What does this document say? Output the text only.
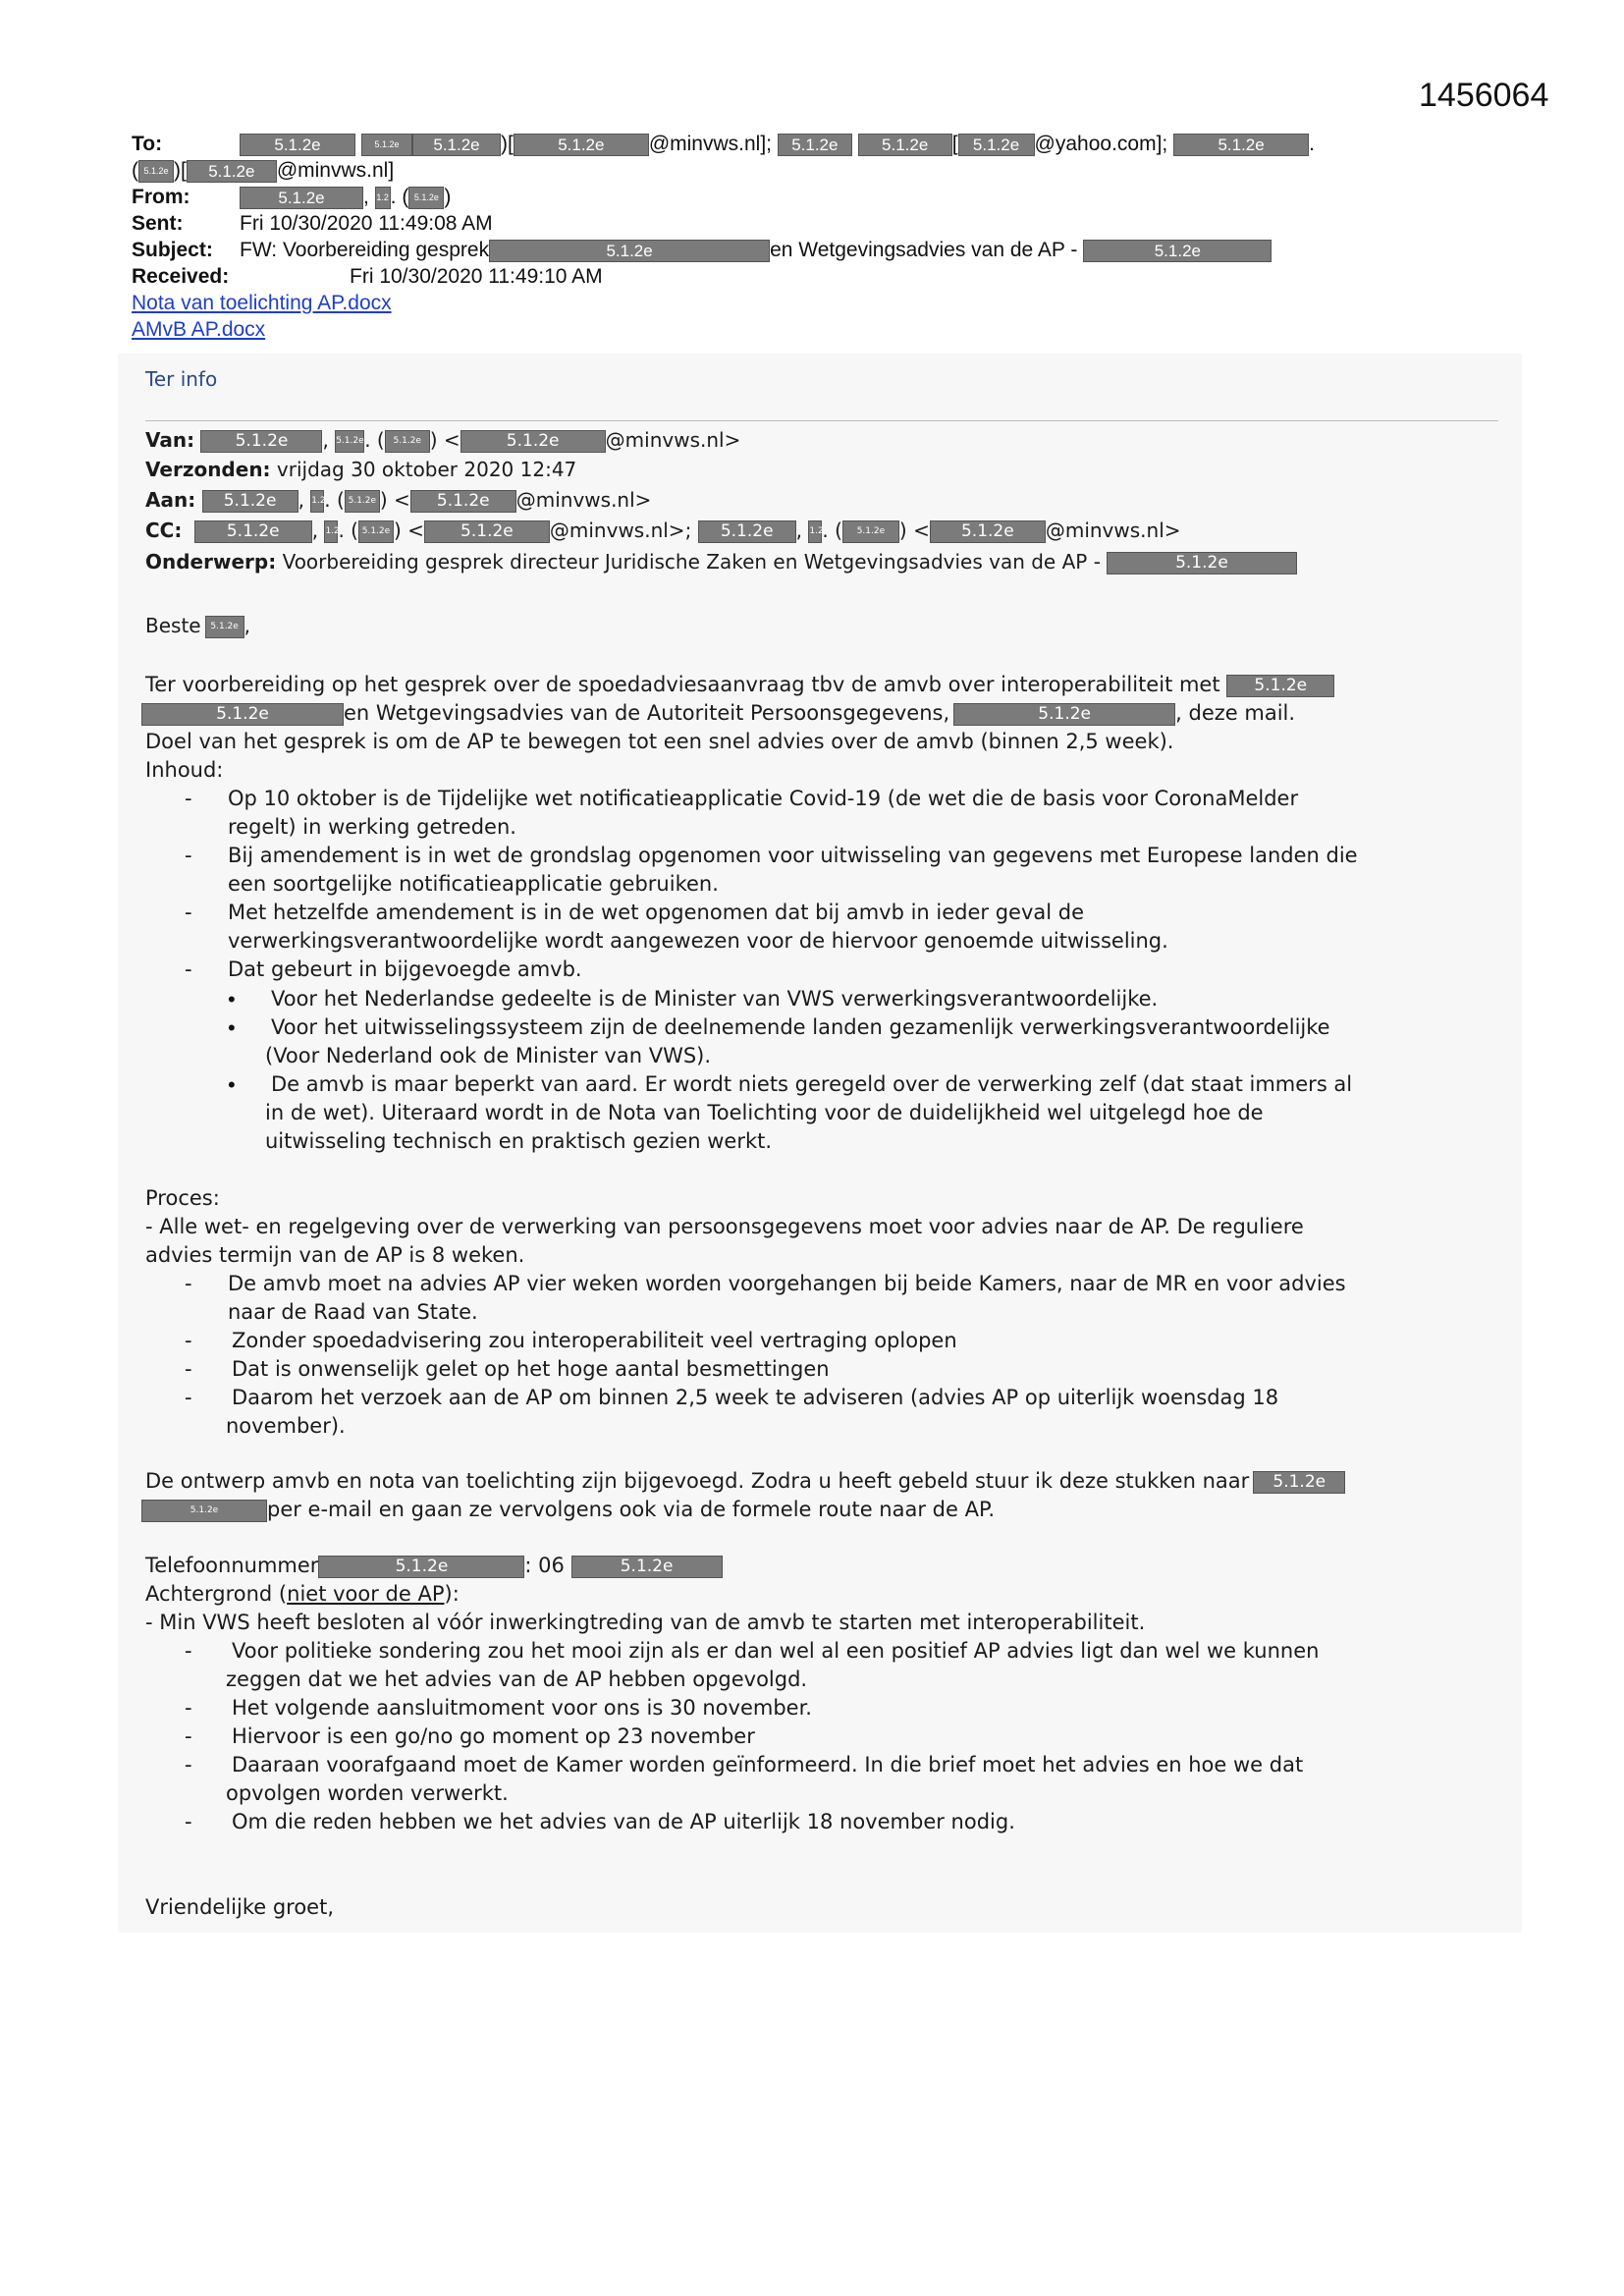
1456064
To:	5.1.2e	5.1.2e 5.1.2e )[	5.1.2e @minvws.nl]; 5.1.2e	5.1.2e [ 5.1.2e @yahoo.com];	5.1.2e .
( 5.1.2e )[ 5.1.2e @minvws.nl]
From:	5.1.2e , 1.2. ( 5.1.2e )
Sent:	Fri 10/30/2020 11:49:08 AM
Subject: FW: Voorbereiding gesprek	5.1.2e	en Wetgevingsadvies van de AP -	5.1.2e
Received:	Fri 10/30/2020 11:49:10 AM
Nota van toelichting AP.docx
AMvB AP.docx
Ter info
Van: 5.1.2e , 5.1.2e. ( 5.1.2e ) <	5.1.2e @minvws.nl>
Verzonden: vrijdag 30 oktober 2020 12:47
Aan: 5.1.2e , 1.2. ( 5.1.2e ) < 5.1.2e @minvws.nl>
CC:	5.1.2e , 1.2. ( 5.1.2e ) < 5.1.2e @minvws.nl>; 5.1.2e , 1.2. ( 5.1.2e ) < 5.1.2e @minvws.nl>
Onderwerp: Voorbereiding gesprek directeur Juridische Zaken en Wetgevingsadvies van de AP -	5.1.2e
Beste 5.1.2e ,
Ter voorbereiding op het gesprek over de spoedadviesaanvraag tbv de amvb over interoperabiliteit met 5.1.2e
5.1.2e	en Wetgevingsadvies van de Autoriteit Persoonsgegevens,	5.1.2e	, deze mail.
Doel van het gesprek is om de AP te bewegen tot een snel advies over de amvb (binnen 2,5 week).
Inhoud:
- Op 10 oktober is de Tijdelijke wet notificatieapplicatie Covid-19 (de wet die de basis voor CoronaMelder
regelt) in werking getreden.
- Bij amendement is in wet de grondslag opgenomen voor uitwisseling van gegevens met Europese landen die
een soortgelijke notificatieapplicatie gebruiken.
- Met hetzelfde amendement is in de wet opgenomen dat bij amvb in ieder geval de
verwerkingsverantwoordelijke wordt aangewezen voor de hiervoor genoemde uitwisseling.
- Dat gebeurt in bijgevoegde amvb.
• Voor het Nederlandse gedeelte is de Minister van VWS verwerkingsverantwoordelijke.
• Voor het uitwisselingssysteem zijn de deelnemende landen gezamenlijk verwerkingsverantwoordelijke
(Voor Nederland ook de Minister van VWS).
• De amvb is maar beperkt van aard. Er wordt niets geregeld over de verwerking zelf (dat staat immers al
in de wet). Uiteraard wordt in de Nota van Toelichting voor de duidelijkheid wel uitgelegd hoe de
uitwisseling technisch en praktisch gezien werkt.
Proces:
- Alle wet- en regelgeving over de verwerking van persoonsgegevens moet voor advies naar de AP. De reguliere
advies termijn van de AP is 8 weken.
- De amvb moet na advies AP vier weken worden voorgehangen bij beide Kamers, naar de MR en voor advies
naar de Raad van State.
- Zonder spoedadvisering zou interoperabiliteit veel vertraging oplopen
- Dat is onwenselijk gelet op het hoge aantal besmettingen
- Daarom het verzoek aan de AP om binnen 2,5 week te adviseren (advies AP op uiterlijk woensdag 18
november).
De ontwerp amvb en nota van toelichting zijn bijgevoegd. Zodra u heeft gebeld stuur ik deze stukken naar 5.1.2e
5.1.2e per e-mail en gaan ze vervolgens ook via de formele route naar de AP.
Telefoonnummer	5.1.2e	: 06	5.1.2e
Achtergrond (niet voor de AP):
- Min VWS heeft besloten al vóór inwerkingtreding van de amvb te starten met interoperabiliteit.
- Voor politieke sondering zou het mooi zijn als er dan wel al een positief AP advies ligt dan wel we kunnen
zeggen dat we het advies van de AP hebben opgevolgd.
- Het volgende aansluitmoment voor ons is 30 november.
- Hiervoor is een go/no go moment op 23 november
- Daaraan voorafgaand moet de Kamer worden geïnformeerd. In die brief moet het advies en hoe we dat
opvolgen worden verwerkt.
- Om die reden hebben we het advies van de AP uiterlijk 18 november nodig.
Vriendelijke groet,
